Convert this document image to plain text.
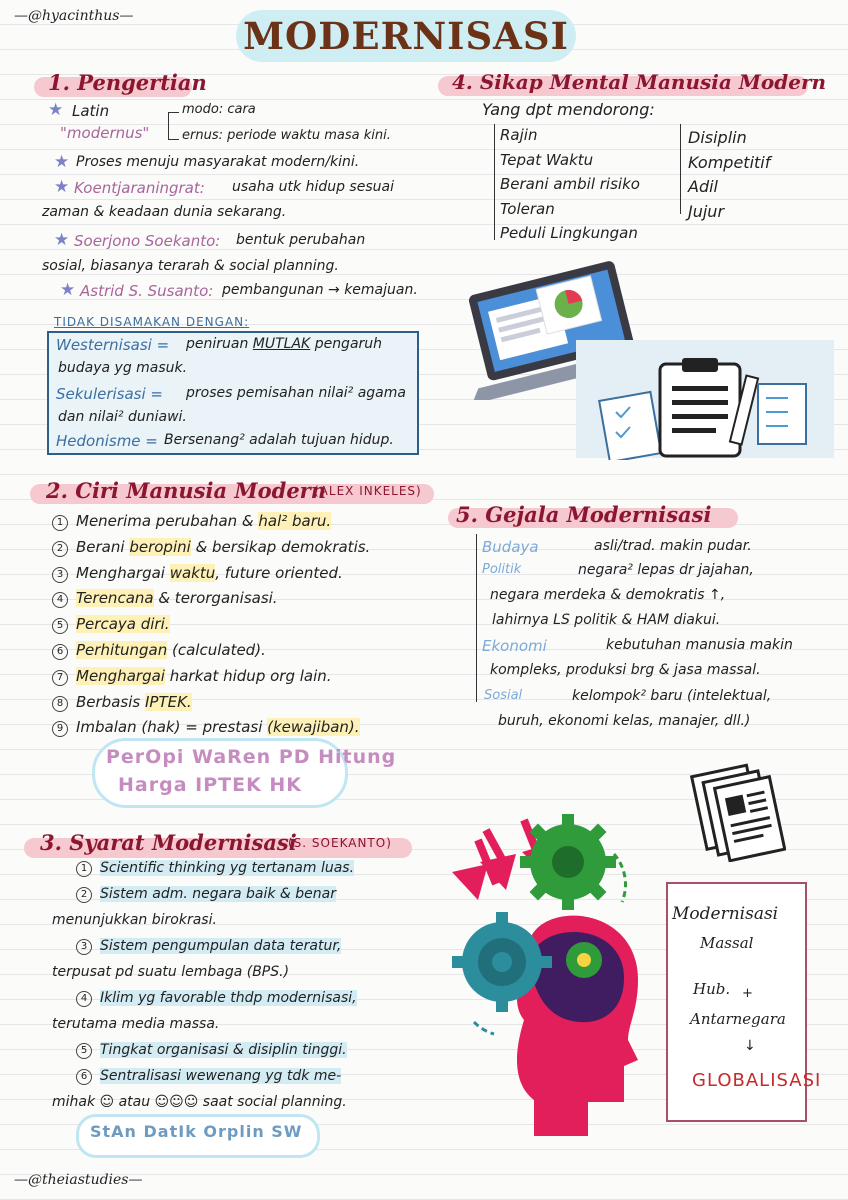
—@hyacinthus—	MODERNISASI
1. Pengertian
★ Latin
"modernus"
modo: cara
ernus: periode waktu masa kini.
★ Proses menuju masyarakat modern/kini.
★ Koentjaraningrat: usaha utk hidup sesuai
zaman & keadaan dunia sekarang.
★ Soerjono Soekanto: bentuk perubahan
sosial, biasanya terarah & social planning.
★ Astrid S. Susanto: pembangunan → kemajuan.
TIDAK DISAMAKAN DENGAN:
Westernisasi = peniruan MUTLAK pengaruh
budaya yg masuk.
Sekulerisasi = proses pemisahan nilai² agama
dan nilai² duniawi.
Hedonisme = Bersenang² adalah tujuan hidup.
2. Ciri Manusia Modern
(ALEX INKELES)
1 Menerima perubahan & hal² baru.
2 Berani beropini & bersikap demokratis.
3 Menghargai waktu, future oriented.
4 Terencana & terorganisasi.
5 Percaya diri.
6 Perhitungan (calculated).
7 Menghargai harkat hidup org lain.
8 Berbasis IPTEK.
9 Imbalan (hak) = prestasi (kewajiban).
PerOpi WaRen PD Hitung
Harga IPTEK HK
3. Syarat Modernisasi
(S. SOEKANTO)
1 Scientific thinking yg tertanam luas.
2 Sistem adm. negara baik & benar
menunjukkan birokrasi.
3 Sistem pengumpulan data teratur,
terpusat pd suatu lembaga (BPS.)
4 Iklim yg favorable thdp modernisasi,
terutama media massa.
5 Tingkat organisasi & disiplin tinggi.
6 Sentralisasi wewenang yg tdk me-
mihak ☺ atau ☺☺☺ saat social planning.
StAn DatIk Orplin SW
—@theiastudies—
4. Sikap Mental Manusia Modern
Yang dpt mendorong:
Rajin
Tepat Waktu
Berani ambil risiko
Toleran
Peduli Lingkungan
Disiplin
Kompetitif
Adil
Jujur
5. Gejala Modernisasi
Budaya	asli/trad. makin pudar.
Politik	negara² lepas dr jajahan,
negara merdeka & demokratis ↑,
lahirnya LS politik & HAM diakui.
Ekonomi	kebutuhan manusia makin
kompleks, produksi brg & jasa massal.
Sosial	kelompok² baru (intelektual,
buruh, ekonomi kelas, manajer, dll.)
Modernisasi
Massal
Hub. +
Antarnegara
↓
GLOBALISASI
